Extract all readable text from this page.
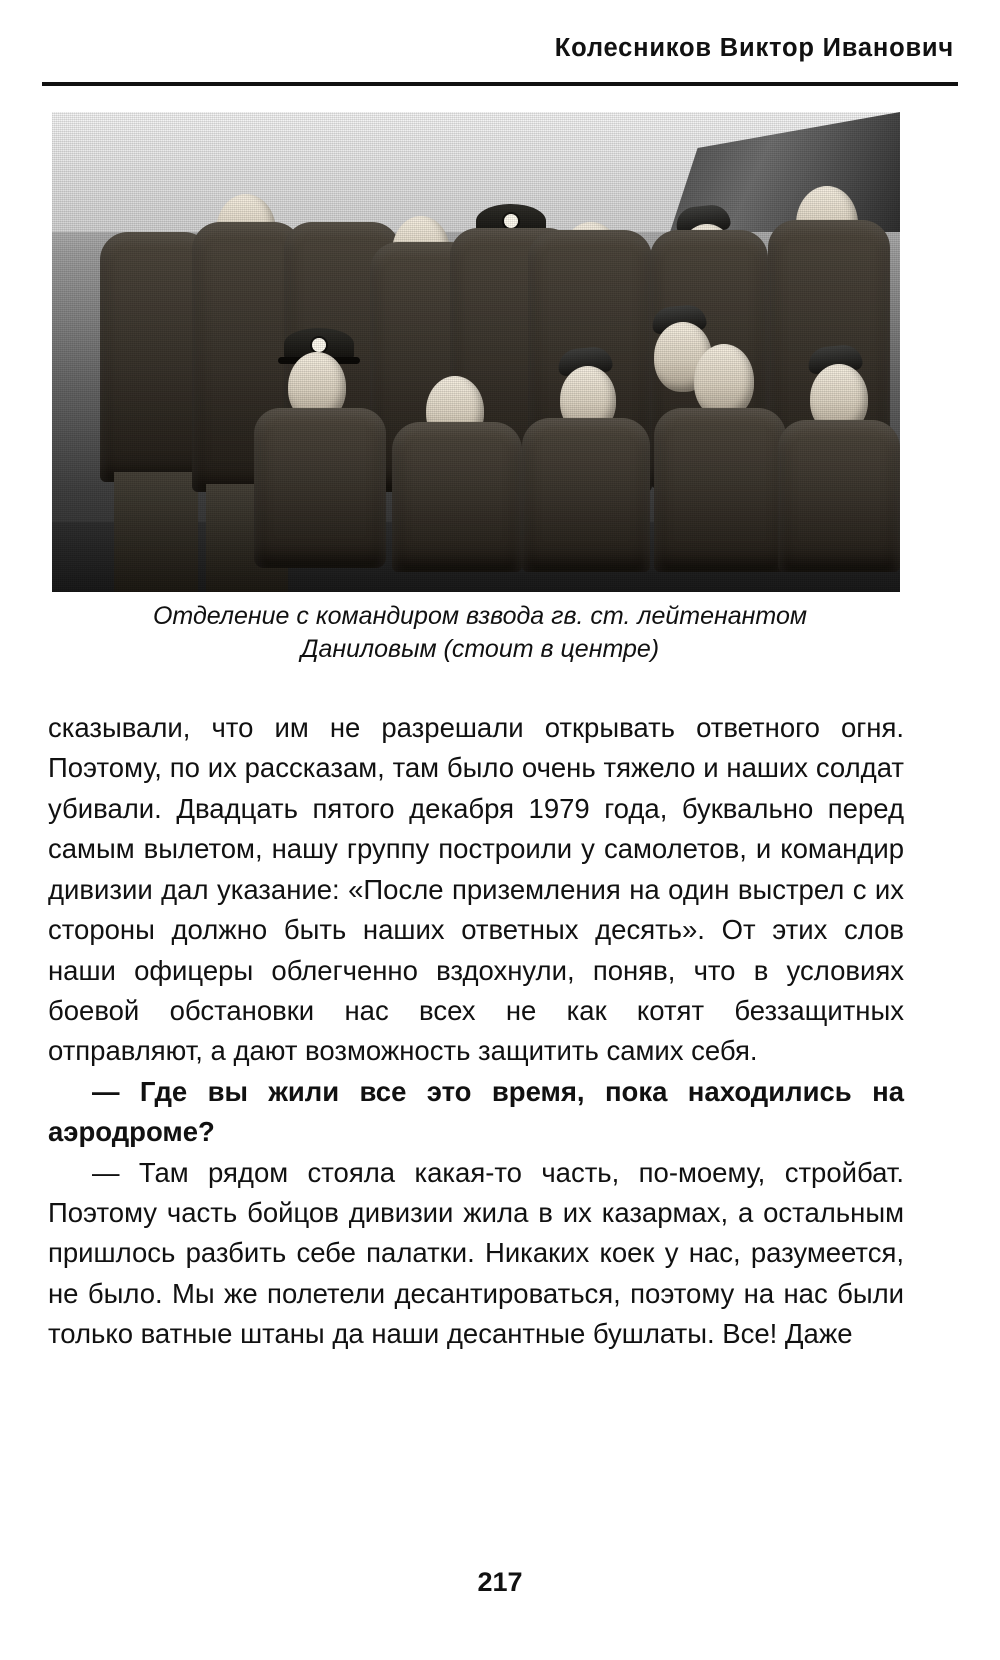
Колесников Виктор Иванович
Отделение с командиром взвода гв. ст. лейтенантом
Даниловым (стоит в центре)

сказывали, что им не разрешали открывать ответного огня. Поэтому, по их рассказам, там было очень тяжело и наших солдат убивали. Двадцать пятого декабря 1979 года, буквально перед самым вылетом, нашу группу построили у самолетов, и командир дивизии дал указание: «После приземления на один выстрел с их стороны должно быть наших ответных десять». От этих слов наши офицеры облегченно вздохнули, поняв, что в условиях боевой обстановки нас всех не как котят беззащитных отправляют, а дают возможность защитить самих себя.

— Где вы жили все это время, пока находились на аэродроме?

— Там рядом стояла какая-то часть, по-моему, стройбат. Поэтому часть бойцов дивизии жила в их казармах, а остальным пришлось разбить себе палатки. Никаких коек у нас, разумеется, не было. Мы же полетели десантироваться, поэтому на нас были только ватные штаны да наши десантные бушлаты. Все! Даже

217
